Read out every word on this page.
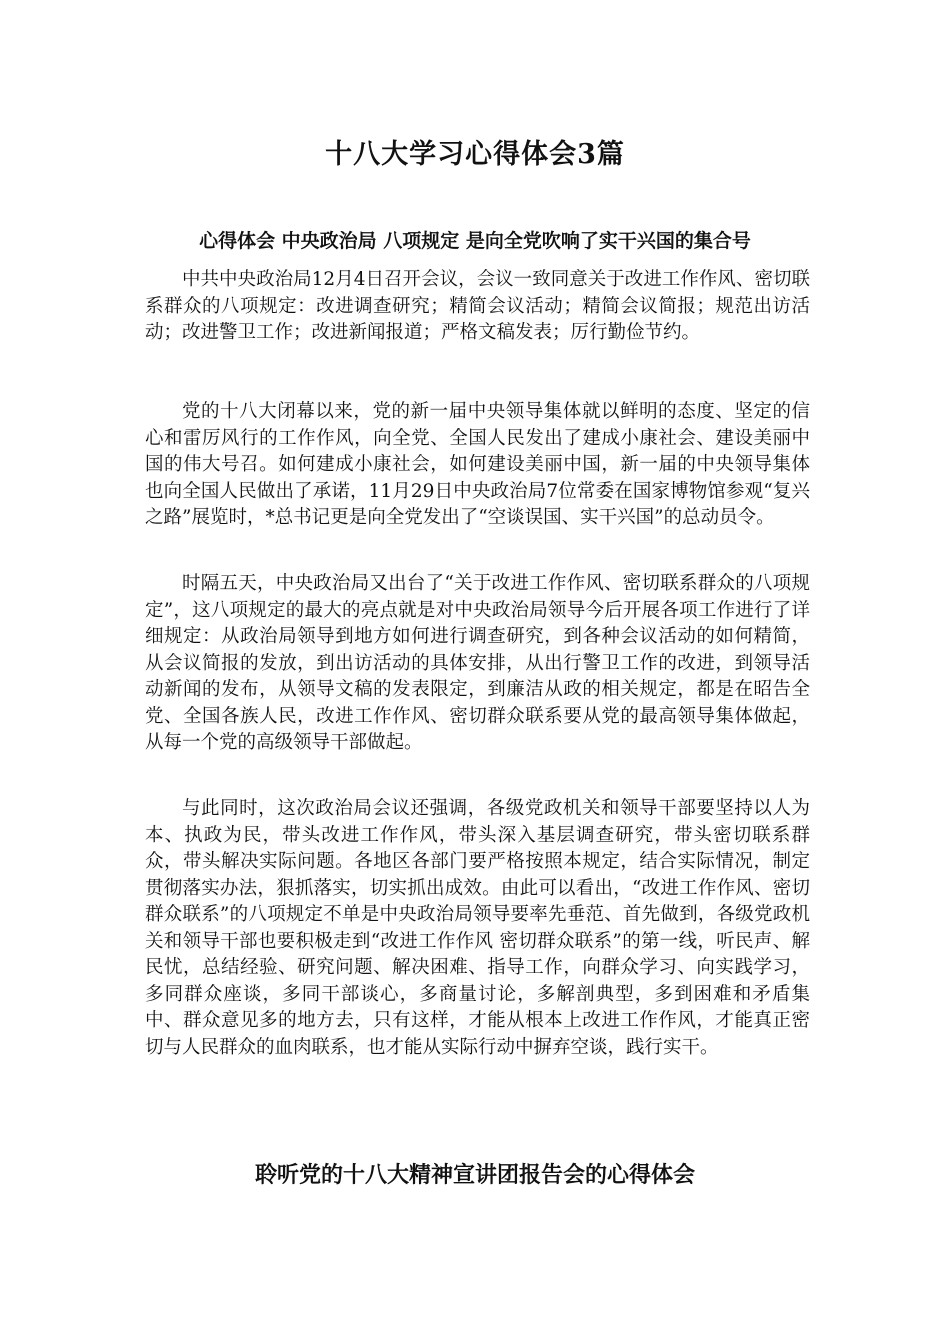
十八大学习心得体会3篇
心得体会 中央政治局 八项规定 是向全党吹响了实干兴国的集合号

中共中央政治局12月4日召开会议，会议一致同意关于改进工作作风、密切联系群众的八项规定：改进调查研究；精简会议活动；精简会议简报；规范出访活动；改进警卫工作；改进新闻报道；严格文稿发表；厉行勤俭节约。

党的十八大闭幕以来，党的新一届中央领导集体就以鲜明的态度、坚定的信心和雷厉风行的工作作风，向全党、全国人民发出了建成小康社会、建设美丽中国的伟大号召。如何建成小康社会，如何建设美丽中国，新一届的中央领导集体也向全国人民做出了承诺，11月29日中央政治局7位常委在国家博物馆参观“复兴之路”展览时，*总书记更是向全党发出了“空谈误国、实干兴国”的总动员令。

时隔五天，中央政治局又出台了“关于改进工作作风、密切联系群众的八项规定”，这八项规定的最大的亮点就是对中央政治局领导今后开展各项工作进行了详细规定：从政治局领导到地方如何进行调查研究，到各种会议活动的如何精简，从会议简报的发放，到出访活动的具体安排，从出行警卫工作的改进，到领导活动新闻的发布，从领导文稿的发表限定，到廉洁从政的相关规定，都是在昭告全党、全国各族人民，改进工作作风、密切群众联系要从党的最高领导集体做起，从每一个党的高级领导干部做起。

与此同时，这次政治局会议还强调，各级党政机关和领导干部要坚持以人为本、执政为民，带头改进工作作风，带头深入基层调查研究，带头密切联系群众，带头解决实际问题。各地区各部门要严格按照本规定，结合实际情况，制定贯彻落实办法，狠抓落实，切实抓出成效。由此可以看出，“改进工作作风、密切群众联系”的八项规定不单是中央政治局领导要率先垂范、首先做到，各级党政机关和领导干部也要积极走到“改进工作作风 密切群众联系”的第一线，听民声、解民忧，总结经验、研究问题、解决困难、指导工作，向群众学习、向实践学习，多同群众座谈，多同干部谈心，多商量讨论，多解剖典型，多到困难和矛盾集中、群众意见多的地方去，只有这样，才能从根本上改进工作作风，才能真正密切与人民群众的血肉联系，也才能从实际行动中摒弃空谈，践行实干。

聆听党的十八大精神宣讲团报告会的心得体会
